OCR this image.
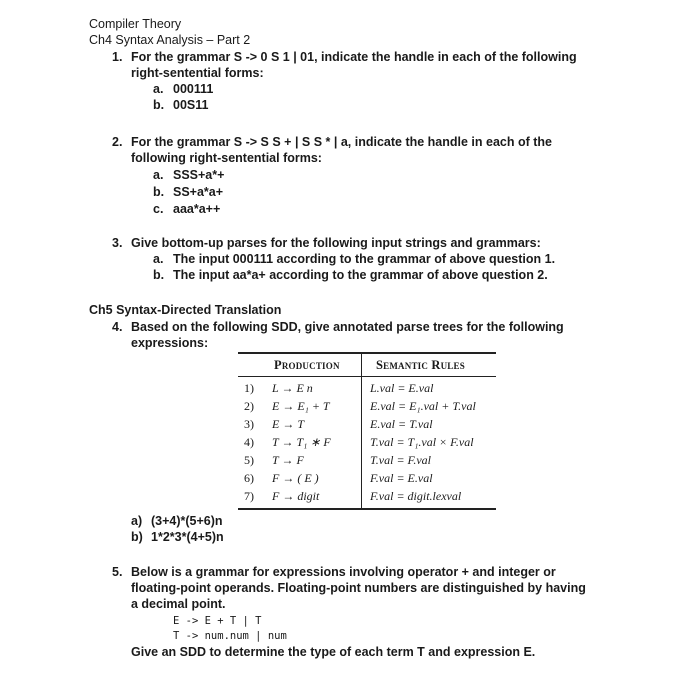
Compiler Theory
Ch4 Syntax Analysis – Part 2
1. For the grammar S -> 0 S 1 | 01, indicate the handle in each of the following
right-sentential forms:
a. 000111
b. 00S11
2. For the grammar S -> S S + | S S * | a, indicate the handle in each of the
following right-sentential forms:
a. SSS+a*+
b. SS+a*a+
c. aaa*a++
3. Give bottom-up parses for the following input strings and grammars:
a. The input 000111 according to the grammar of above question 1.
b. The input aa*a+ according to the grammar of above question 2.
Ch5 Syntax-Directed Translation
4. Based on the following SDD, give annotated parse trees for the following
expressions:
Production	Semantic Rules
1) L → E n	L.val = E.val
2) E → E₁ + T	E.val = E₁.val + T.val
3) E → T	E.val = T.val
4) T → T₁ ∗ F	T.val = T₁.val × F.val
5) T → F	T.val = F.val
6) F → ( E )	F.val = E.val
7) F → digit	F.val = digit.lexval
a) (3+4)*(5+6)n
b) 1*2*3*(4+5)n
5. Below is a grammar for expressions involving operator + and integer or
floating-point operands. Floating-point numbers are distinguished by having
a decimal point.
E -> E + T | T
T -> num.num | num
Give an SDD to determine the type of each term T and expression E.
